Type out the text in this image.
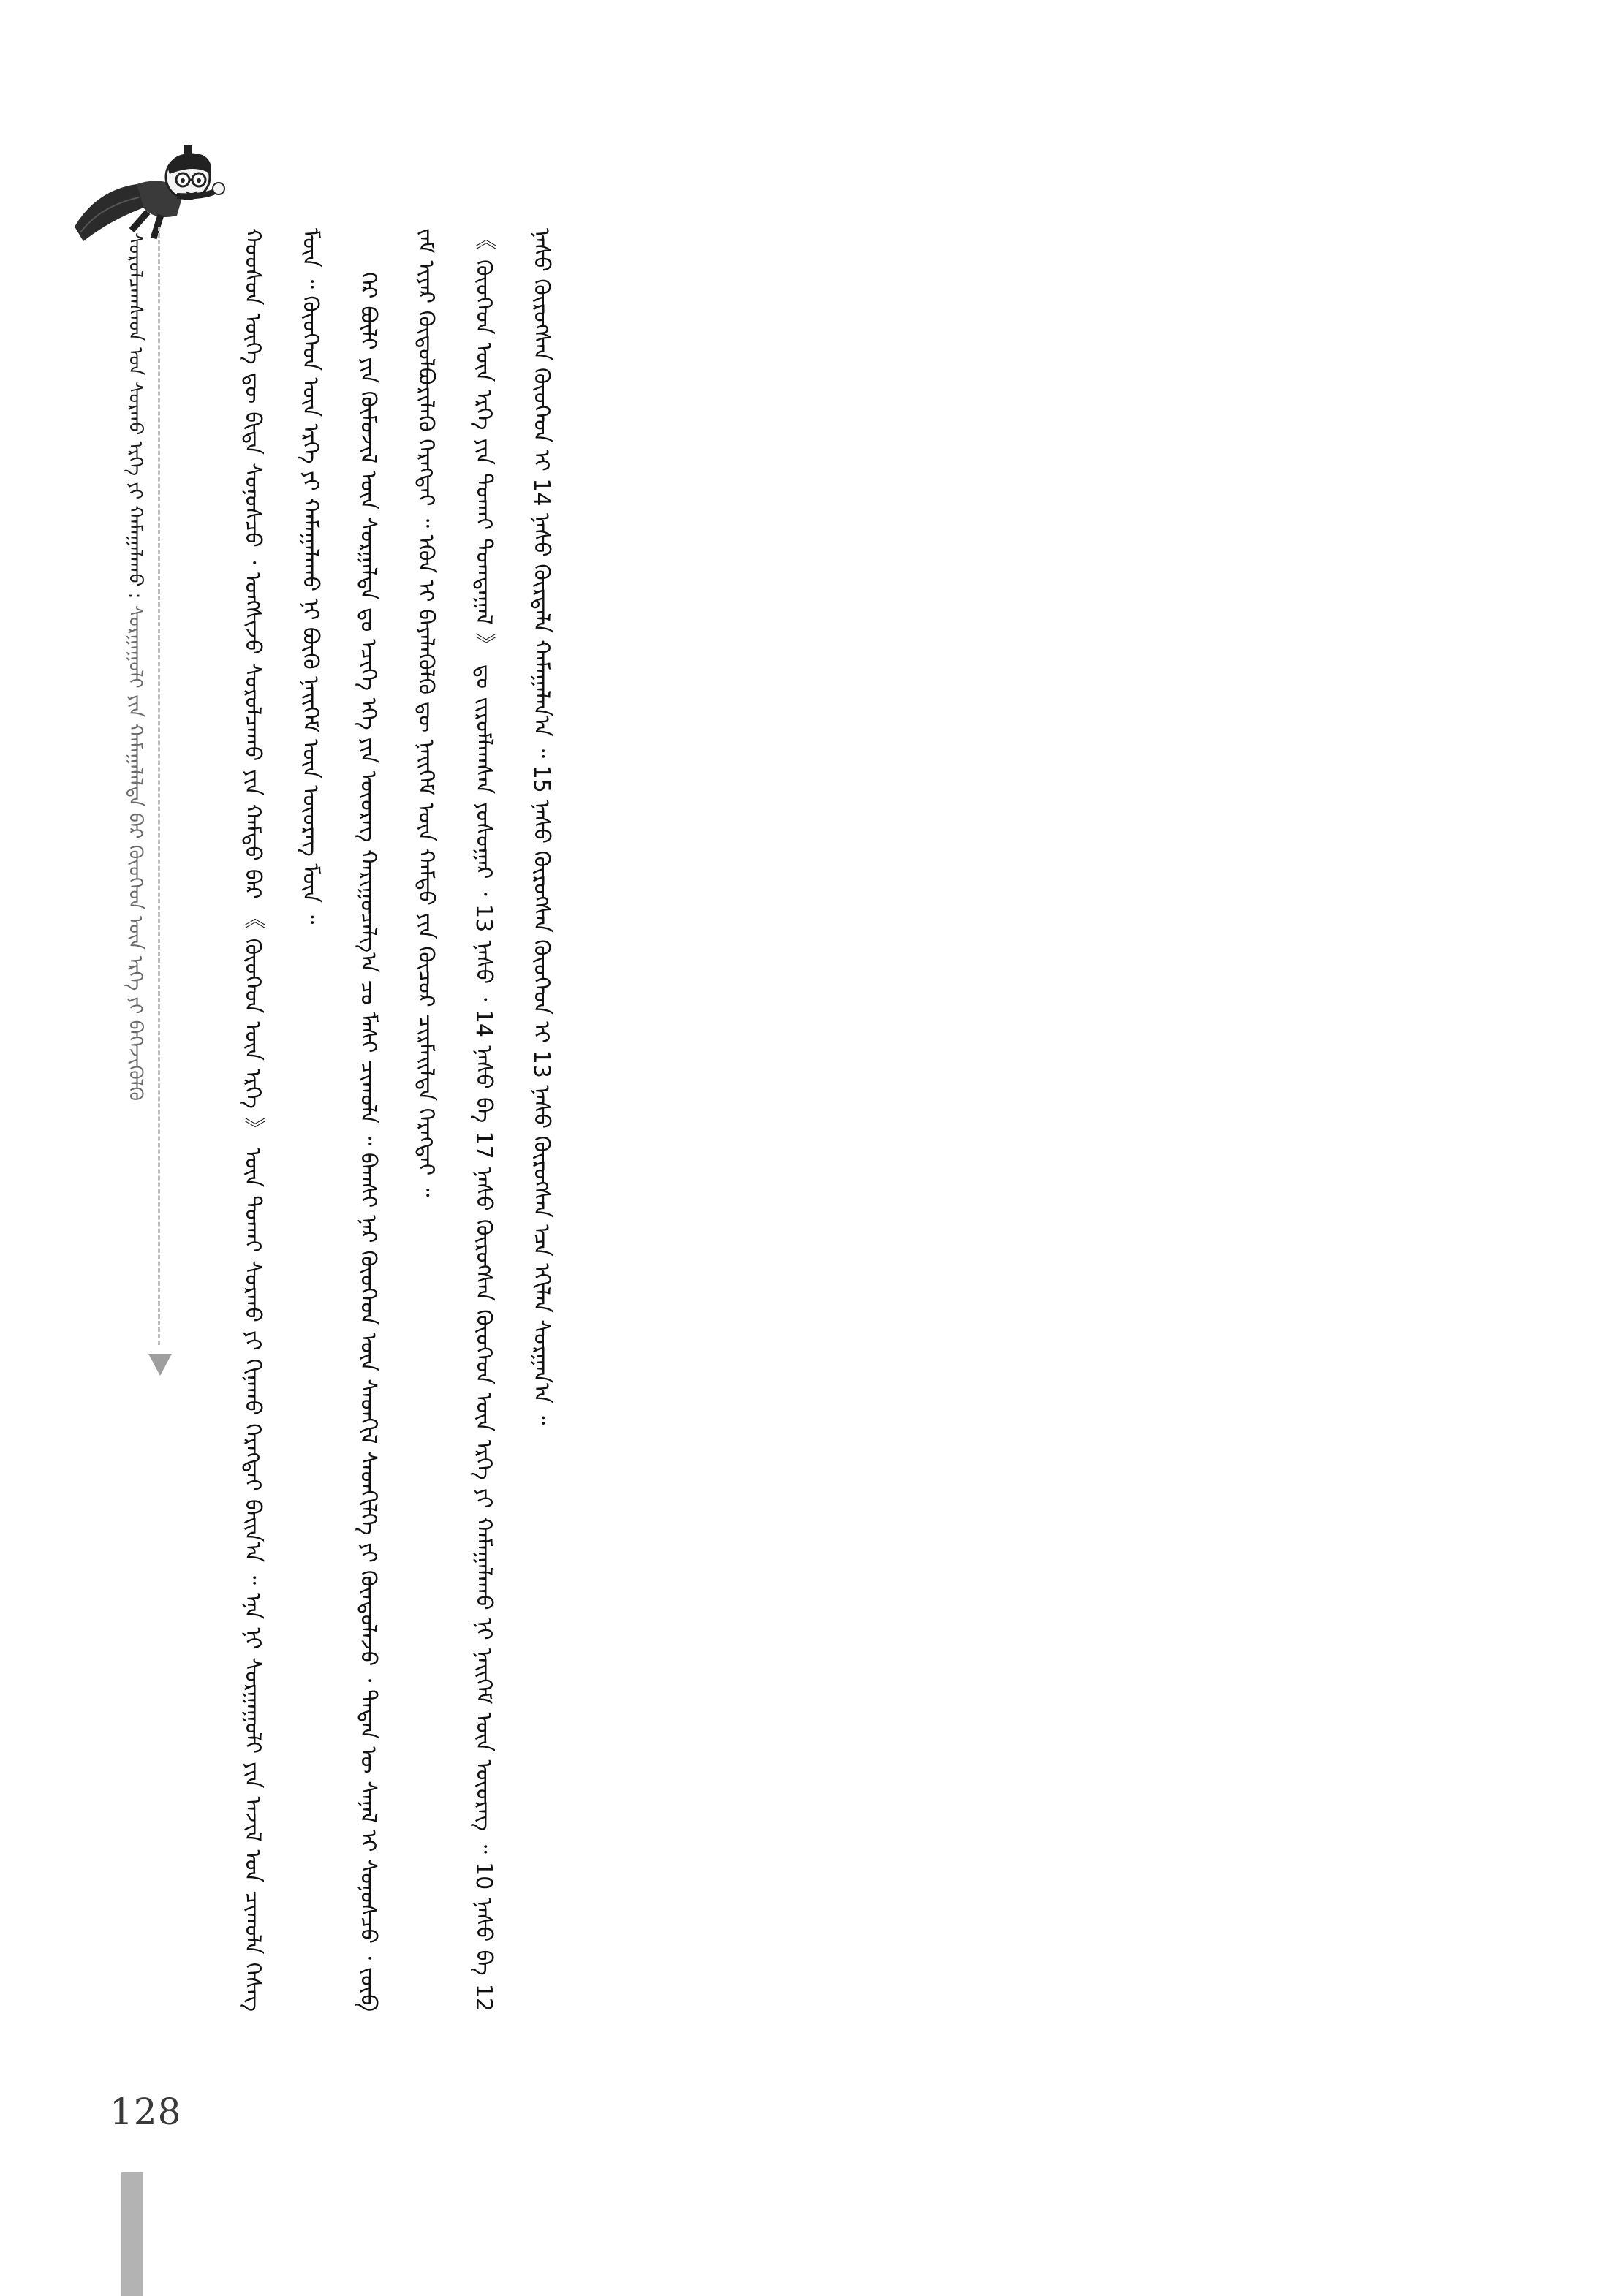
ᠰᠤᠷᠤᠯᠴᠠᠭᠰᠠᠳ ᠤᠨ ᠰᠤᠷᠬᠤ ᠡᠷᠬᠡ ᠶᠢ ᠬᠠᠮᠠᠭᠠᠯᠠᠬᠤ : ᠰᠤᠷᠭᠠᠭᠤᠯᠢ ᠶᠢᠨ ᠬᠠᠮᠠᠭᠠᠯᠠᠯᠲᠠ ᠪᠠᠷ ᠬᠦᠦᠬᠡᠳ ᠦᠨ ᠡᠷᠬᠡ ᠶᠢ ᠪᠡᠬᠡᠵᠢᠭᠦᠯᠬᠦ	ᠬᠣᠣᠰᠤᠨ ᠦᠭᠡ ᠳᠦ ᠪᠢᠳᠡ ᠰᠣᠨᠣᠰᠴᠤ ᠂ ᠤᠩᠰᠢᠵᠤ ᠰᠤᠷᠤᠯᠴᠠᠬᠤ ᠶᠢᠨ ᠬᠠᠮᠲᠤ ᠪᠡᠷ 《 ᠬᠦᠦᠬᠡᠳ ᠦᠨ ᠡᠷᠬᠡ 》 ᠦᠨ ᠲᠤᠬᠠᠢ ᠰᠤᠷᠬᠤ ᠶᠢ ᠬᠢᠨᠠᠬᠤ ᠬᠡᠷᠡᠭᠲᠡᠢ ᠪᠠᠢᠨ᠎ᠠ ᠃ ᠡᠨᠡ ᠨᠢ ᠰᠤᠷᠭᠠᠭᠤᠯᠢ ᠶᠢᠨ ᠠᠵᠢᠯ ᠤᠨ ᠴᠢᠬᠤᠯᠠ ᠬᠡᠰᠡᠭ ᠮᠥᠨ ᠃ ᠬᠦᠦᠬᠡᠳ ᠦᠨ ᠡᠷᠬᠡ ᠶᠢ ᠬᠠᠮᠠᠭᠠᠯᠠᠬᠤ ᠨᠢ ᠪᠦᠬᠦ ᠨᠡᠢᠭᠡᠮ ᠦᠨ ᠦᠦᠷᠡᠭ ᠮᠥᠨ ᠃	ᠭᠡᠷ ᠪᠦᠯᠢ ᠶᠢᠨ ᠬᠦᠮᠦᠵᠢᠯ ᠦᠨ ᠰᠤᠷᠭᠠᠯᠲᠠ ᠳᠤ ᠡᠴᠢᠭᠡ ᠡᠬᠡ ᠶᠢᠨ ᠦᠦᠷᠡᠭ ᠬᠠᠷᠢᠭᠤᠴᠠᠯᠭ᠎ᠠ ᠴᠤ ᠮᠠᠰᠢ ᠴᠢᠬᠤᠯᠠ ᠃ ᠪᠠᠭᠰᠢ ᠨᠠᠷ ᠬᠦᠦᠬᠡᠳ ᠦᠨ ᠰᠡᠳᠬᠢᠯ ᠰᠡᠳᠬᠢᠯᠭᠡ ᠶᠢ ᠬᠦᠨᠳᠦᠯᠡᠵᠦ ᠂ ᠲᠡᠳᠡᠨ ᠦ ᠰᠠᠨᠠᠯ ᠢ ᠰᠣᠨᠣᠰᠴᠤ ᠂ ᠵᠥᠪ ᠵᠠᠮ ᠢᠶᠠᠷ ᠬᠥᠲᠥᠯᠪᠦᠷᠢᠯᠡᠬᠦ ᠬᠡᠷᠡᠭᠲᠡᠢ ᠃ ᠡᠭᠦᠨ ᠢ ᠪᠡᠶᠡᠯᠡᠭᠦᠯᠬᠦ ᠳᠦ ᠨᠡᠢᠭᠡᠮ ᠦᠨ ᠬᠠᠮᠲᠤ ᠶᠢᠨ ᠬᠦᠴᠦᠷ ᠴᠢᠷᠮᠠᠢᠯᠲᠠ ᠬᠡᠷᠡᠭᠲᠡᠢ ᠃	《 ᠬᠦᠦᠬᠡᠳ ᠦᠨ ᠡᠷᠬᠡ ᠶᠢᠨ ᠲᠤᠬᠠᠢ ᠲᠤᠭᠲᠠᠭᠠᠯ 》 ᠳᠤ ᠵᠢᠷᠤᠮᠯᠠᠭᠰᠠᠨ ᠶᠣᠰᠣᠭᠠᠷ ᠂ 13 ᠨᠠᠰᠤ ᠂ 14 ᠨᠠᠰᠤ ᠪᠠ 17 ᠨᠠᠰᠤ ᠬᠦᠷᠦᠭᠰᠡᠨ ᠬᠦᠦᠬᠡᠳ ᠦᠨ ᠡᠷᠬᠡ ᠶᠢ ᠬᠠᠮᠠᠭᠠᠯᠠᠬᠤ ᠨᠢ ᠨᠡᠢᠭᠡᠮ ᠦᠨ ᠦᠦᠷᠡᠭ ᠃ 10 ᠨᠠᠰᠤ ᠪᠠ 12 ᠨᠠᠰᠤ ᠬᠦᠷᠦᠭᠰᠡᠨ ᠬᠦᠦᠬᠡᠳ ᠢ 14 ᠨᠠᠰᠤ ᠬᠦᠷᠲᠡᠯᠡ ᠬᠠᠮᠠᠭᠠᠯᠠᠨ᠎ᠠ ᠃ 15 ᠨᠠᠰᠤ ᠬᠦᠷᠦᠭᠰᠡᠨ ᠬᠦᠦᠬᠡᠳ ᠢ 13 ᠨᠠᠰᠤ ᠬᠦᠷᠦᠭᠰᠡᠨ ᠡᠴᠡ ᠡᠬᠢᠯᠡᠨ ᠰᠤᠷᠭᠠᠨ᠎ᠠ ᠃

128
